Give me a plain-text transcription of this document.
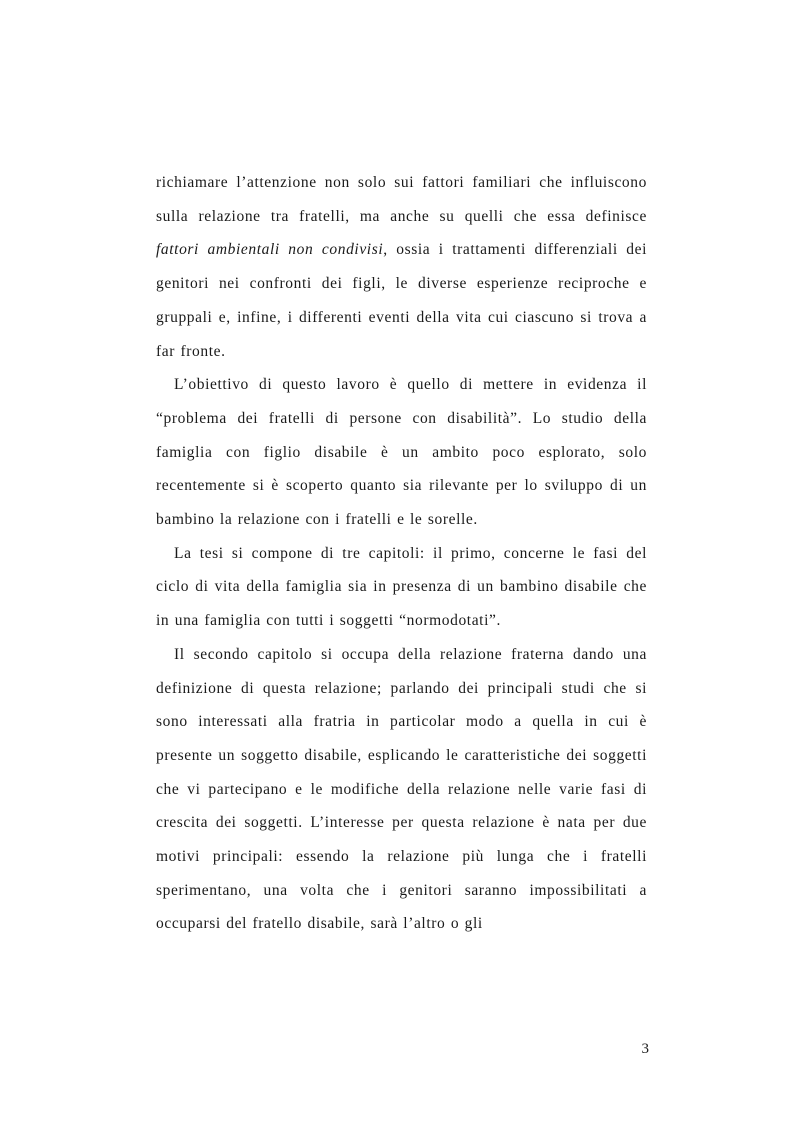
richiamare l’attenzione non solo sui fattori familiari che influiscono sulla relazione tra fratelli, ma anche su quelli che essa definisce fattori ambientali non condivisi, ossia i trattamenti differenziali dei genitori nei confronti dei figli, le diverse esperienze reciproche e gruppali e, infine, i differenti eventi della vita cui ciascuno si trova a far fronte.

L’obiettivo di questo lavoro è quello di mettere in evidenza il “problema dei fratelli di persone con disabilità”. Lo studio della famiglia con figlio disabile è un ambito poco esplorato, solo recentemente si è scoperto quanto sia rilevante per lo sviluppo di un bambino la relazione con i fratelli e le sorelle.

La tesi si compone di tre capitoli: il primo, concerne le fasi del ciclo di vita della famiglia sia in presenza di un bambino disabile che in una famiglia con tutti i soggetti “normodotati”.

Il secondo capitolo si occupa della relazione fraterna dando una definizione di questa relazione; parlando dei principali studi che si sono interessati alla fratria in particolar modo a quella in cui è presente un soggetto disabile, esplicando le caratteristiche dei soggetti che vi partecipano e le modifiche della relazione nelle varie fasi di crescita dei soggetti. L’interesse per questa relazione è nata per due motivi principali: essendo la relazione più lunga che i fratelli sperimentano, una volta che i genitori saranno impossibilitati a occuparsi del fratello disabile, sarà l’altro o gli

3
